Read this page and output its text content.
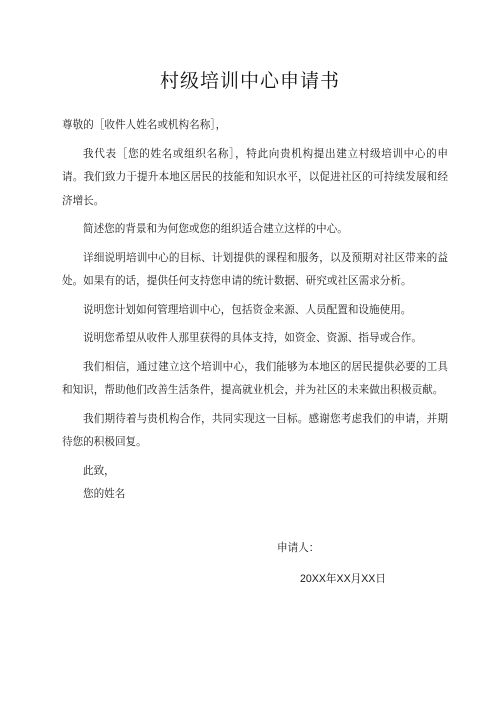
村级培训中心申请书

尊敬的［收件人姓名或机构名称］，

我代表［您的姓名或组织名称］，特此向贵机构提出建立村级培训中心的申请。我们致力于提升本地区居民的技能和知识水平，以促进社区的可持续发展和经济增长。

简述您的背景和为何您或您的组织适合建立这样的中心。

详细说明培训中心的目标、计划提供的课程和服务，以及预期对社区带来的益处。如果有的话，提供任何支持您申请的统计数据、研究或社区需求分析。

说明您计划如何管理培训中心，包括资金来源、人员配置和设施使用。

说明您希望从收件人那里获得的具体支持，如资金、资源、指导或合作。

我们相信，通过建立这个培训中心，我们能够为本地区的居民提供必要的工具和知识，帮助他们改善生活条件，提高就业机会，并为社区的未来做出积极贡献。

我们期待着与贵机构合作，共同实现这一目标。感谢您考虑我们的申请，并期待您的积极回复。

此致，

您的姓名

申请人：
20XX年XX月XX日
